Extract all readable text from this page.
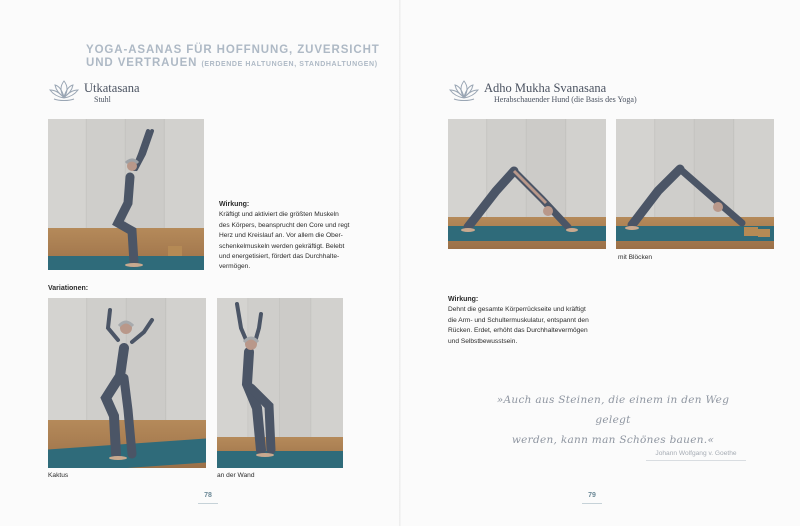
YOGA-ASANAS FÜR HOFFNUNG, ZUVERSICHT
UND VERTRAUEN (ERDENDE HALTUNGEN, STANDHALTUNGEN)
Utkatasana
Stuhl
Wirkung:
Kräftigt und aktiviert die größten Muskeln
des Körpers, beansprucht den Core und regt
Herz und Kreislauf an. Vor allem die Ober-
schenkelmuskeln werden gekräftigt. Belebt
und energetisiert, fördert das Durchhalte-
vermögen.
Variationen:
Kaktus	an der Wand
78
Adho Mukha Svanasana
Herabschauender Hund (die Basis des Yoga)
mit Blöcken
Wirkung:
Dehnt die gesamte Körperrückseite und kräftigt
die Arm- und Schultermuskulatur, entspannt den
Rücken. Erdet, erhöht das Durchhaltevermögen
und Selbstbewusstsein.
»Auch aus Steinen, die einem in den Weg gelegt
werden, kann man Schönes bauen.«
Johann Wolfgang v. Goethe
79
